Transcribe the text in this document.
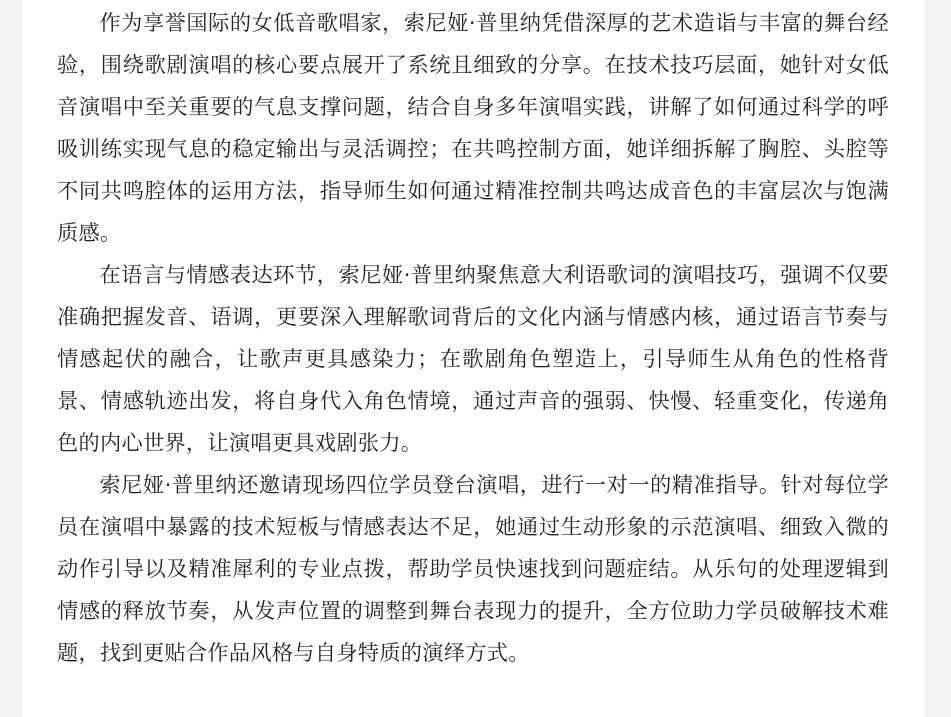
作为享誉国际的女低音歌唱家，索尼娅·普里纳凭借深厚的艺术造诣与丰富的舞台经验，围绕歌剧演唱的核心要点展开了系统且细致的分享。在技术技巧层面，她针对女低音演唱中至关重要的气息支撑问题，结合自身多年演唱实践，讲解了如何通过科学的呼吸训练实现气息的稳定输出与灵活调控；在共鸣控制方面，她详细拆解了胸腔、头腔等不同共鸣腔体的运用方法，指导师生如何通过精准控制共鸣达成音色的丰富层次与饱满质感。

在语言与情感表达环节，索尼娅·普里纳聚焦意大利语歌词的演唱技巧，强调不仅要准确把握发音、语调，更要深入理解歌词背后的文化内涵与情感内核，通过语言节奏与情感起伏的融合，让歌声更具感染力；在歌剧角色塑造上，引导师生从角色的性格背景、情感轨迹出发，将自身代入角色情境，通过声音的强弱、快慢、轻重变化，传递角色的内心世界，让演唱更具戏剧张力。

索尼娅·普里纳还邀请现场四位学员登台演唱，进行一对一的精准指导。针对每位学员在演唱中暴露的技术短板与情感表达不足，她通过生动形象的示范演唱、细致入微的动作引导以及精准犀利的专业点拨，帮助学员快速找到问题症结。从乐句的处理逻辑到情感的释放节奏，从发声位置的调整到舞台表现力的提升，全方位助力学员破解技术难题，找到更贴合作品风格与自身特质的演绎方式。
